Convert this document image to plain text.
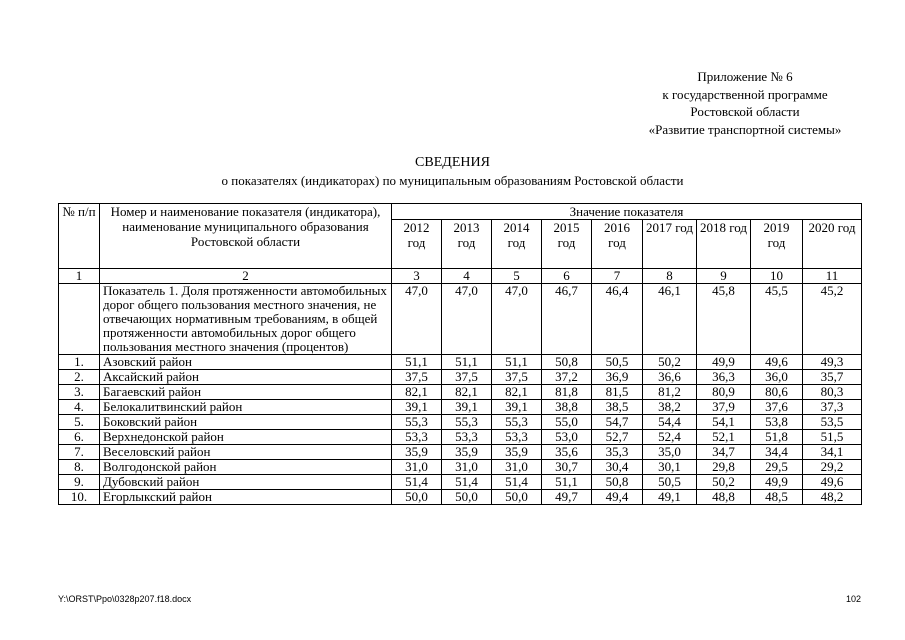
Приложение № 6
к государственной программе
Ростовской области
«Развитие транспортной системы»
СВЕДЕНИЯ
о показателях (индикаторах) по муниципальным образованиям Ростовской области
№ п/п	Номер и наименование показателя (индикатора), наименование муниципального образования Ростовской области	Значение показателя								
		2012 год	2013 год	2014 год	2015 год	2016 год	2017 год	2018 год	2019 год	2020 год
1	2	3	4	5	6	7	8	9	10	11
	Показатель 1. Доля протяженности автомобильных дорог общего пользования местного значения, не отвечающих нормативным требованиям, в общей протяженности автомобильных дорог общего пользования местного значения (процентов)	47,0	47,0	47,0	46,7	46,4	46,1	45,8	45,5	45,2
1.	Азовский район	51,1	51,1	51,1	50,8	50,5	50,2	49,9	49,6	49,3
2.	Аксайский район	37,5	37,5	37,5	37,2	36,9	36,6	36,3	36,0	35,7
3.	Багаевский район	82,1	82,1	82,1	81,8	81,5	81,2	80,9	80,6	80,3
4.	Белокалитвинский район	39,1	39,1	39,1	38,8	38,5	38,2	37,9	37,6	37,3
5.	Боковский район	55,3	55,3	55,3	55,0	54,7	54,4	54,1	53,8	53,5
6.	Верхнедонской район	53,3	53,3	53,3	53,0	52,7	52,4	52,1	51,8	51,5
7.	Веселовский район	35,9	35,9	35,9	35,6	35,3	35,0	34,7	34,4	34,1
8.	Волгодонской район	31,0	31,0	31,0	30,7	30,4	30,1	29,8	29,5	29,2
9.	Дубовский район	51,4	51,4	51,4	51,1	50,8	50,5	50,2	49,9	49,6
10.	Егорлыкский район	50,0	50,0	50,0	49,7	49,4	49,1	48,8	48,5	48,2
Y:\ORST\Ppo\0328p207.f18.docx	102
